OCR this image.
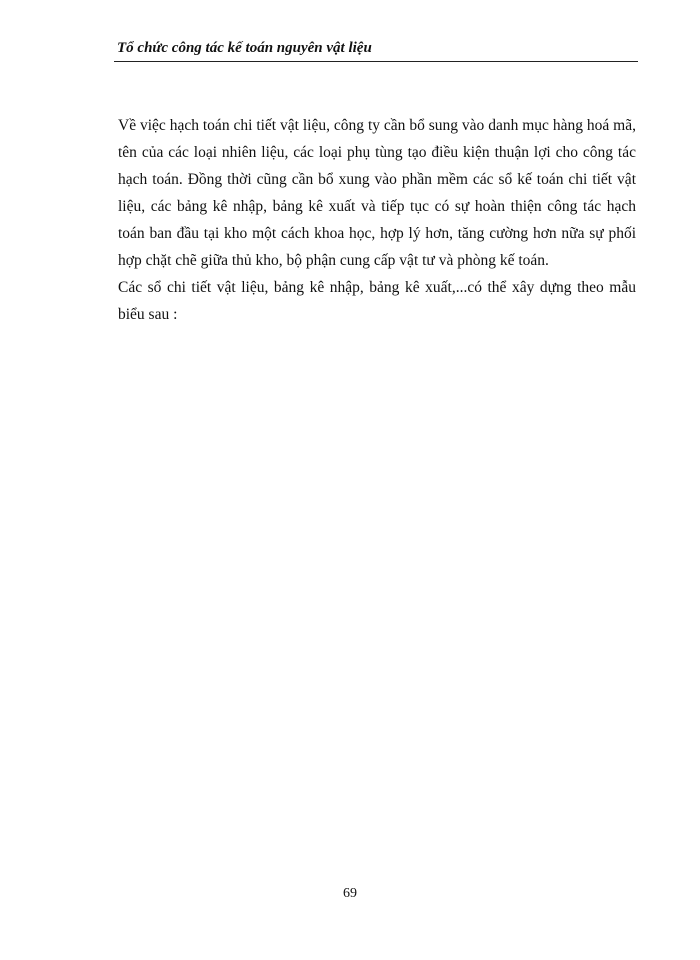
Tổ chức công tác kế toán nguyên vật liệu

Về việc hạch toán chi tiết vật liệu, công ty cần bổ sung vào danh mục hàng hoá mã, tên của các loại nhiên liệu, các loại phụ tùng tạo điều kiện thuận lợi cho công tác hạch toán. Đồng thời cũng cần bổ xung vào phần mềm các sổ kế toán chi tiết vật liệu, các bảng kê nhập, bảng kê xuất và tiếp tục có sự hoàn thiện công tác hạch toán ban đầu tại kho một cách khoa học, hợp lý hơn, tăng cường hơn nữa sự phối hợp chặt chẽ giữa thủ kho, bộ phận cung cấp vật tư và phòng kế toán.

Các sổ chi tiết vật liệu, bảng kê nhập, bảng kê xuất,...có thể xây dựng theo mẫu biểu sau :

69
